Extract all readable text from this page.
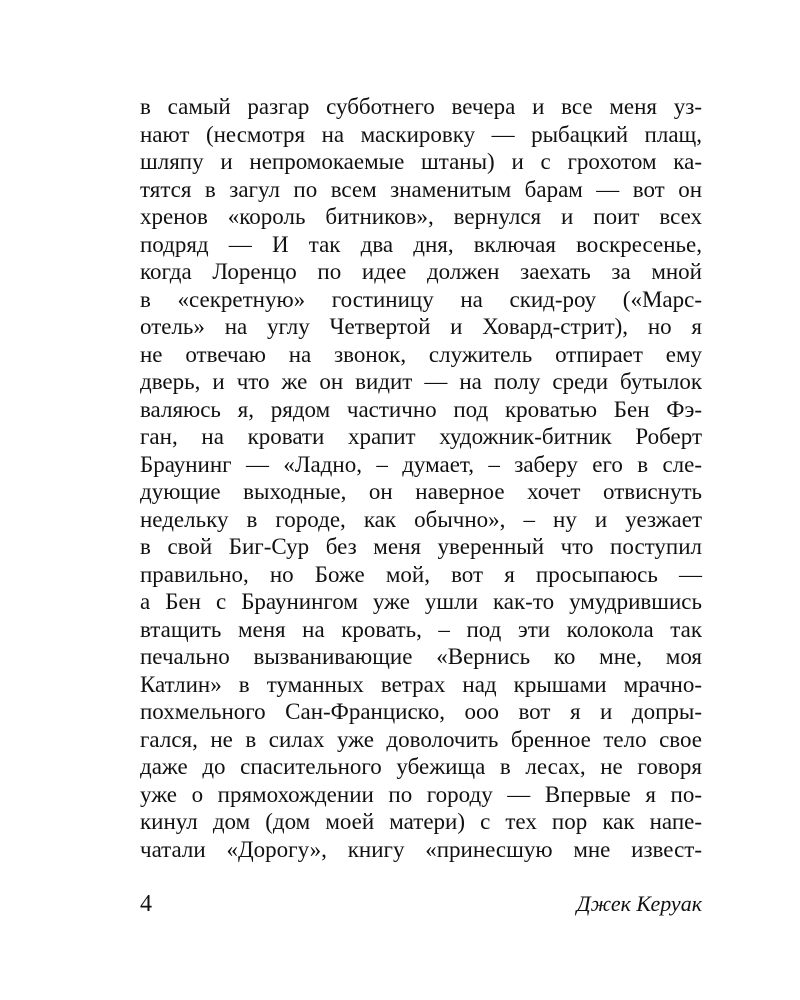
в самый разгар субботнего вечера и все меня уз-
нают (несмотря на маскировку — рыбацкий плащ,
шляпу и непромокаемые штаны) и с грохотом ка-
тятся в загул по всем знаменитым барам — вот он
хренов «король битников», вернулся и поит всех
подряд — И так два дня, включая воскресенье,
когда Лоренцо по идее должен заехать за мной
в «секретную» гостиницу на скид-роу («Марс-
отель» на углу Четвертой и Ховард-стрит), но я
не отвечаю на звонок, служитель отпирает ему
дверь, и что же он видит — на полу среди бутылок
валяюсь я, рядом частично под кроватью Бен Фэ-
ган, на кровати храпит художник-битник Роберт
Браунинг — «Ладно, – думает, – заберу его в сле-
дующие выходные, он наверное хочет отвиснуть
недельку в городе, как обычно», – ну и уезжает
в свой Биг-Сур без меня уверенный что поступил
правильно, но Боже мой, вот я просыпаюсь —
а Бен с Браунингом уже ушли как-то умудрившись
втащить меня на кровать, – под эти колокола так
печально вызванивающие «Вернись ко мне, моя
Катлин» в туманных ветрах над крышами мрачно-
похмельного Сан-Франциско, ооо вот я и допры-
гался, не в силах уже доволочить бренное тело свое
даже до спасительного убежища в лесах, не говоря
уже о прямохождении по городу — Впервые я по-
кинул дом (дом моей матери) с тех пор как напе-
чатали «Дорогу», книгу «принесшую мне извест-
4	Джек Керуак
